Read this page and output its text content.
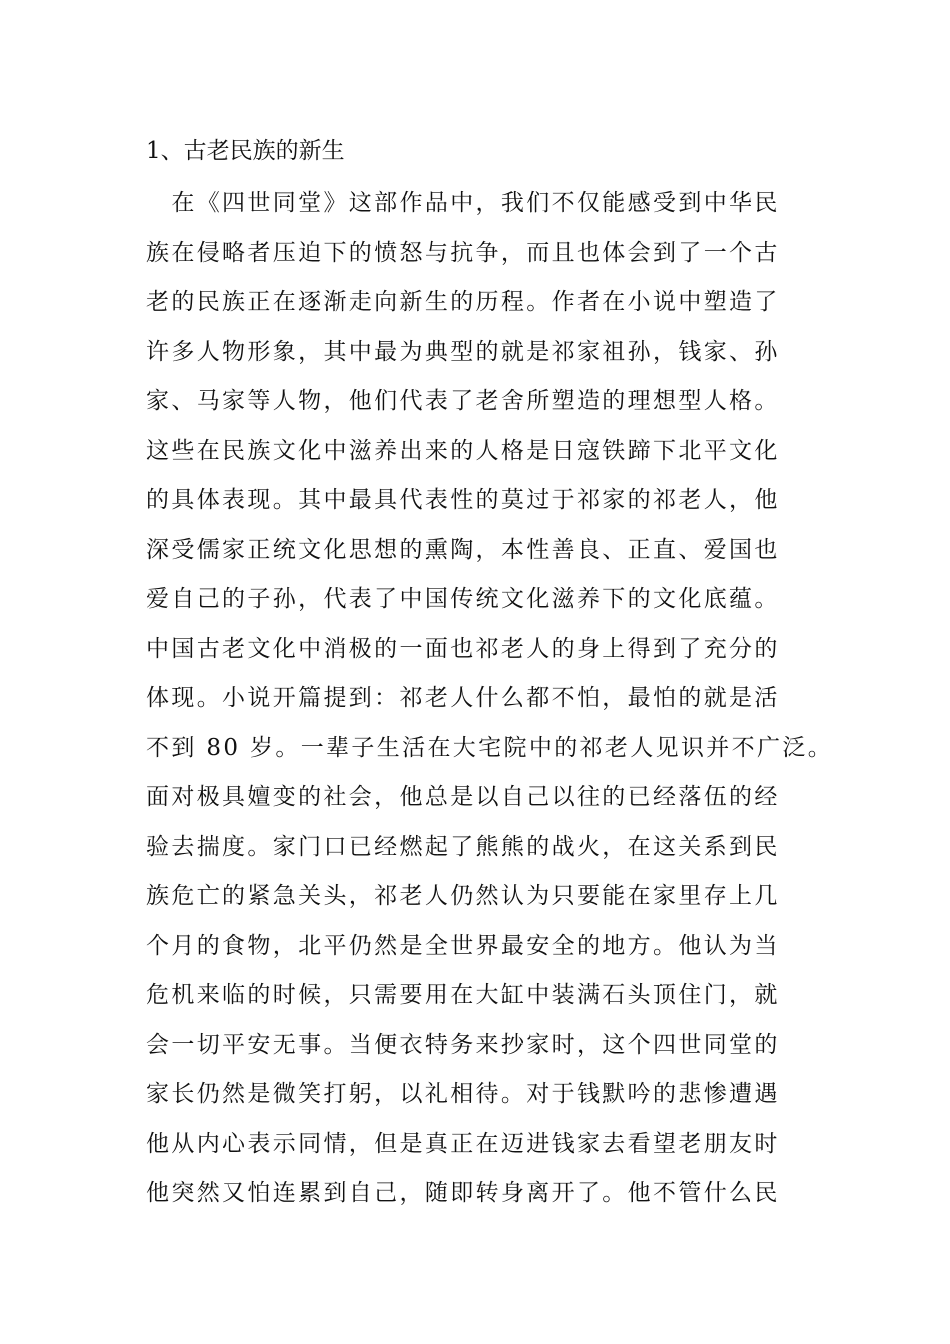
1、古老民族的新生
　在《四世同堂》这部作品中，我们不仅能感受到中华民
族在侵略者压迫下的愤怒与抗争，而且也体会到了一个古
老的民族正在逐渐走向新生的历程。作者在小说中塑造了
许多人物形象，其中最为典型的就是祁家祖孙，钱家、孙
家、马家等人物，他们代表了老舍所塑造的理想型人格。
这些在民族文化中滋养出来的人格是日寇铁蹄下北平文化
的具体表现。其中最具代表性的莫过于祁家的祁老人，他
深受儒家正统文化思想的熏陶，本性善良、正直、爱国也
爱自己的子孙，代表了中国传统文化滋养下的文化底蕴。
中国古老文化中消极的一面也祁老人的身上得到了充分的
体现。小说开篇提到：祁老人什么都不怕，最怕的就是活
不到 80 岁。一辈子生活在大宅院中的祁老人见识并不广泛。
面对极具嬗变的社会，他总是以自己以往的已经落伍的经
验去揣度。家门口已经燃起了熊熊的战火，在这关系到民
族危亡的紧急关头，祁老人仍然认为只要能在家里存上几
个月的食物，北平仍然是全世界最安全的地方。他认为当
危机来临的时候，只需要用在大缸中装满石头顶住门，就
会一切平安无事。当便衣特务来抄家时，这个四世同堂的
家长仍然是微笑打躬，以礼相待。对于钱默吟的悲惨遭遇
他从内心表示同情，但是真正在迈进钱家去看望老朋友时
他突然又怕连累到自己，随即转身离开了。他不管什么民
